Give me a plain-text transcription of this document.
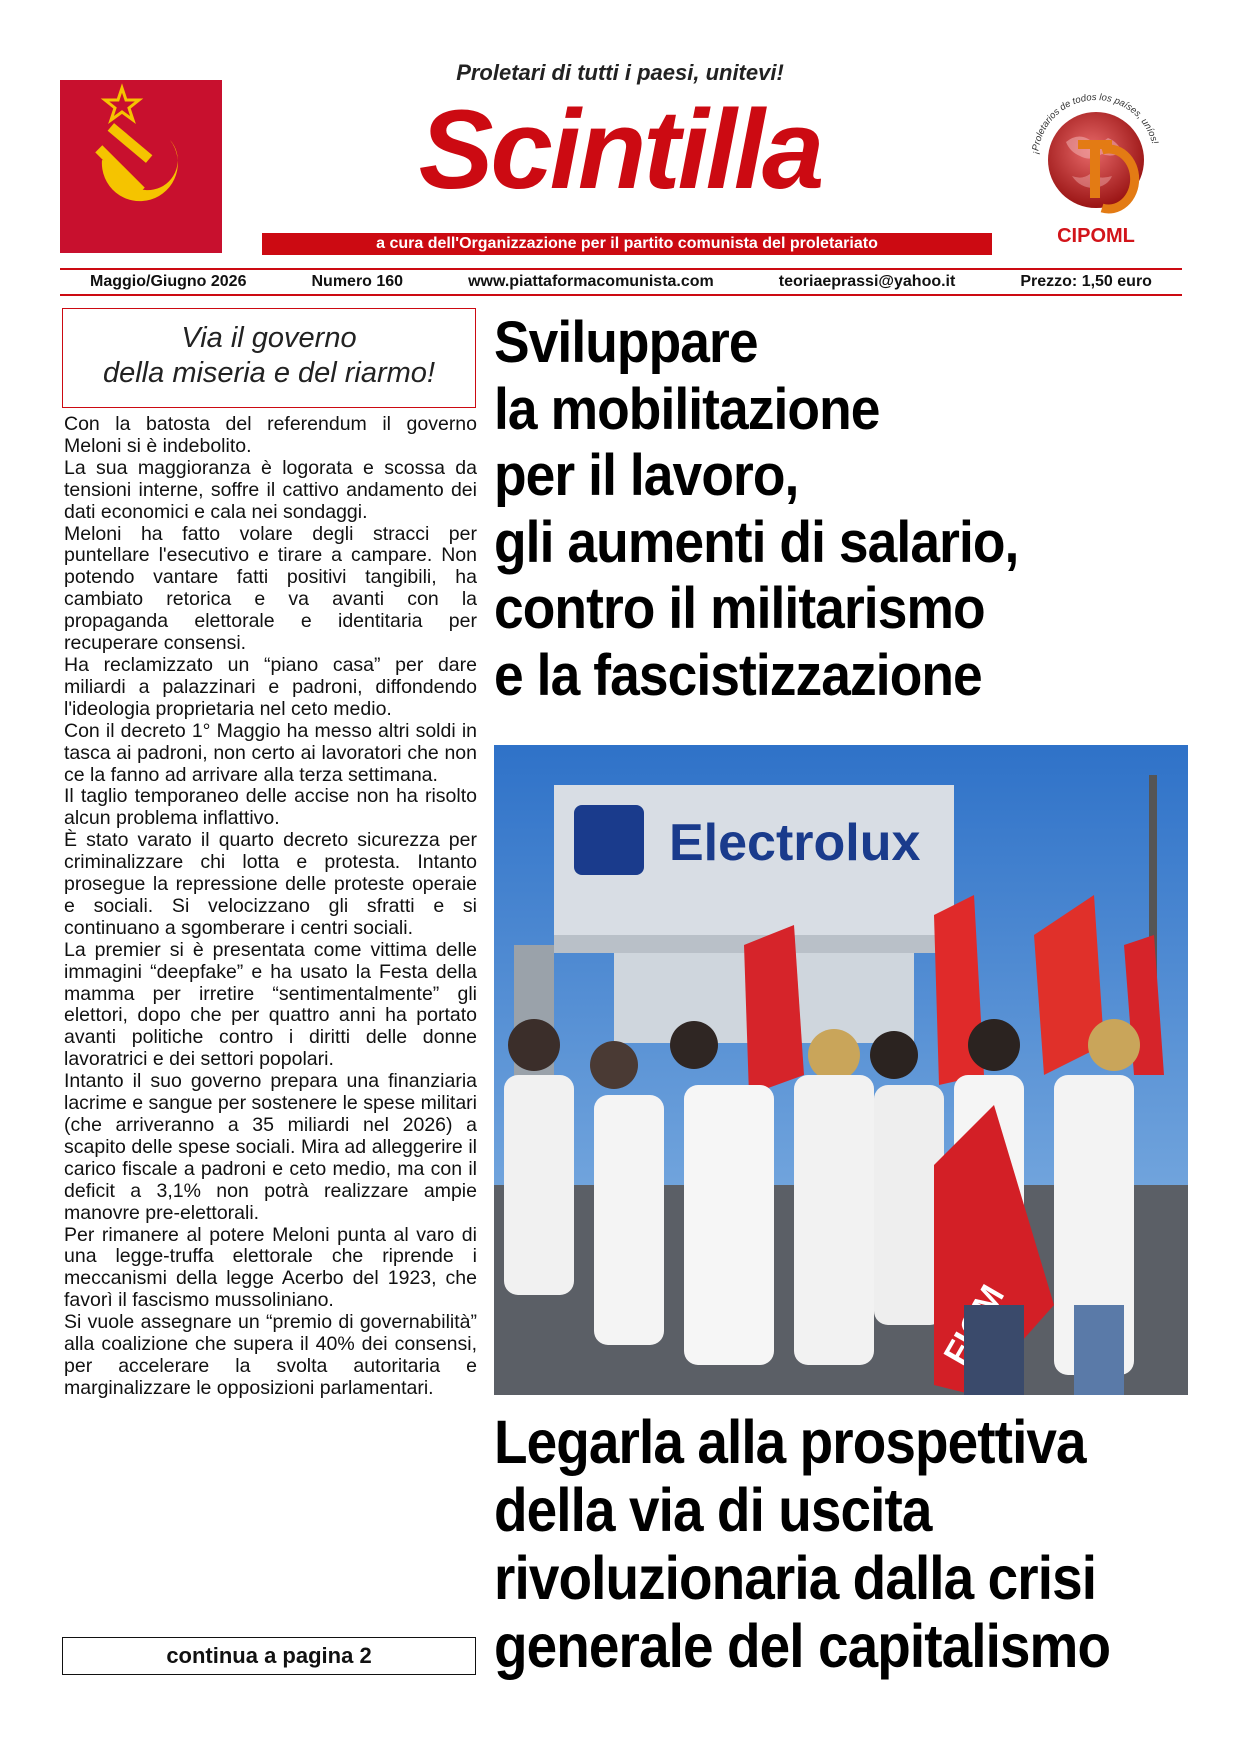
Proletari di tutti i paesi, unitevi!
Scintilla
a cura dell'Organizzazione per il partito comunista del proletariato
¡Proletarios de todos los países, uníos!
CIPOML
Maggio/Giugno 2026	Numero 160	www.piattaformacomunista.com	teoriaeprassi@yahoo.it	Prezzo: 1,50 euro
Via il governo
della miseria e del riarmo!

Con la batosta del referendum il governo Meloni si è indebolito.

La sua maggioranza è logorata e scossa da tensioni interne, soffre il cattivo andamento dei dati economici e cala nei sondaggi.

Meloni ha fatto volare degli stracci per puntellare l'esecutivo e tirare a campare. Non potendo vantare fatti positivi tangibili, ha cambiato retorica e va avanti con la propaganda elettorale e identitaria per recuperare consensi.

Ha reclamizzato un “piano casa” per dare miliardi a palazzinari e padroni, diffondendo l'ideologia proprietaria nel ceto medio.

Con il decreto 1° Maggio ha messo altri soldi in tasca ai padroni, non certo ai lavoratori che non ce la fanno ad arrivare alla terza settimana.

Il taglio temporaneo delle accise non ha risolto alcun problema inflattivo.

È stato varato il quarto decreto sicurezza per criminalizzare chi lotta e protesta. Intanto prosegue la repressione delle proteste operaie e sociali. Si velocizzano gli sfratti e si continuano a sgomberare i centri sociali.

La premier si è presentata come vittima delle immagini “deepfake” e ha usato la Festa della mamma per irretire “sentimentalmente” gli elettori, dopo che per quattro anni ha portato avanti politiche contro i diritti delle donne lavoratrici e dei settori popolari.

Intanto il suo governo prepara una finanziaria lacrime e sangue per sostenere le spese militari (che arriveranno a 35 miliardi nel 2026) a scapito delle spese sociali. Mira ad alleggerire il carico fiscale a padroni e ceto medio, ma con il deficit a 3,1% non potrà realizzare ampie manovre pre-elettorali.

Per rimanere al potere Meloni punta al varo di una legge-truffa elettorale che riprende i meccanismi della legge Acerbo del 1923, che favorì il fascismo mussoliniano.

Si vuole assegnare un “premio di governabilità” alla coalizione che supera il 40% dei consensi, per accelerare la svolta autoritaria e marginalizzare le opposizioni parlamentari.

continua a pagina 2
Sviluppare
la mobilitazione
per il lavoro,
gli aumenti di salario,
contro il militarismo
e la fascistizzazione
Electrolux
Legarla alla prospettiva
della via di uscita
rivoluzionaria dalla crisi
generale del capitalismo
